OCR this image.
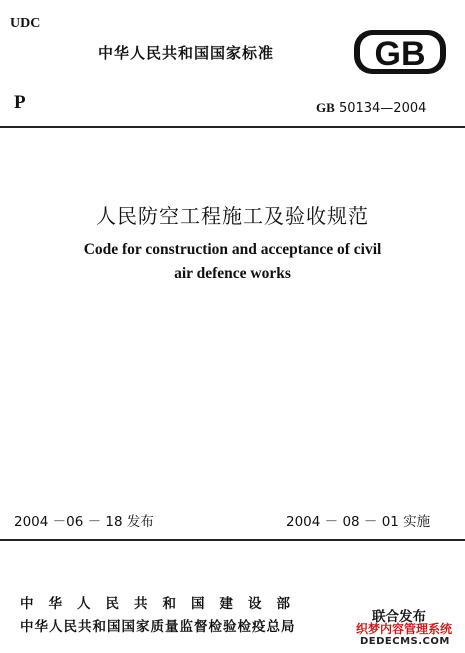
UDC
中华人民共和国国家标准	GB
P	GB 50134—2004
人民防空工程施工及验收规范
Code for construction and acceptance of civil
air defence works
2004 －0̇6 － 18 发布	2004 － 08 － 01 实施
中华人民共和国建设部
中华人民共和国国家质量监督检验检疫总局
联合发布
织梦内容管理系统
DEDECMS.COM
